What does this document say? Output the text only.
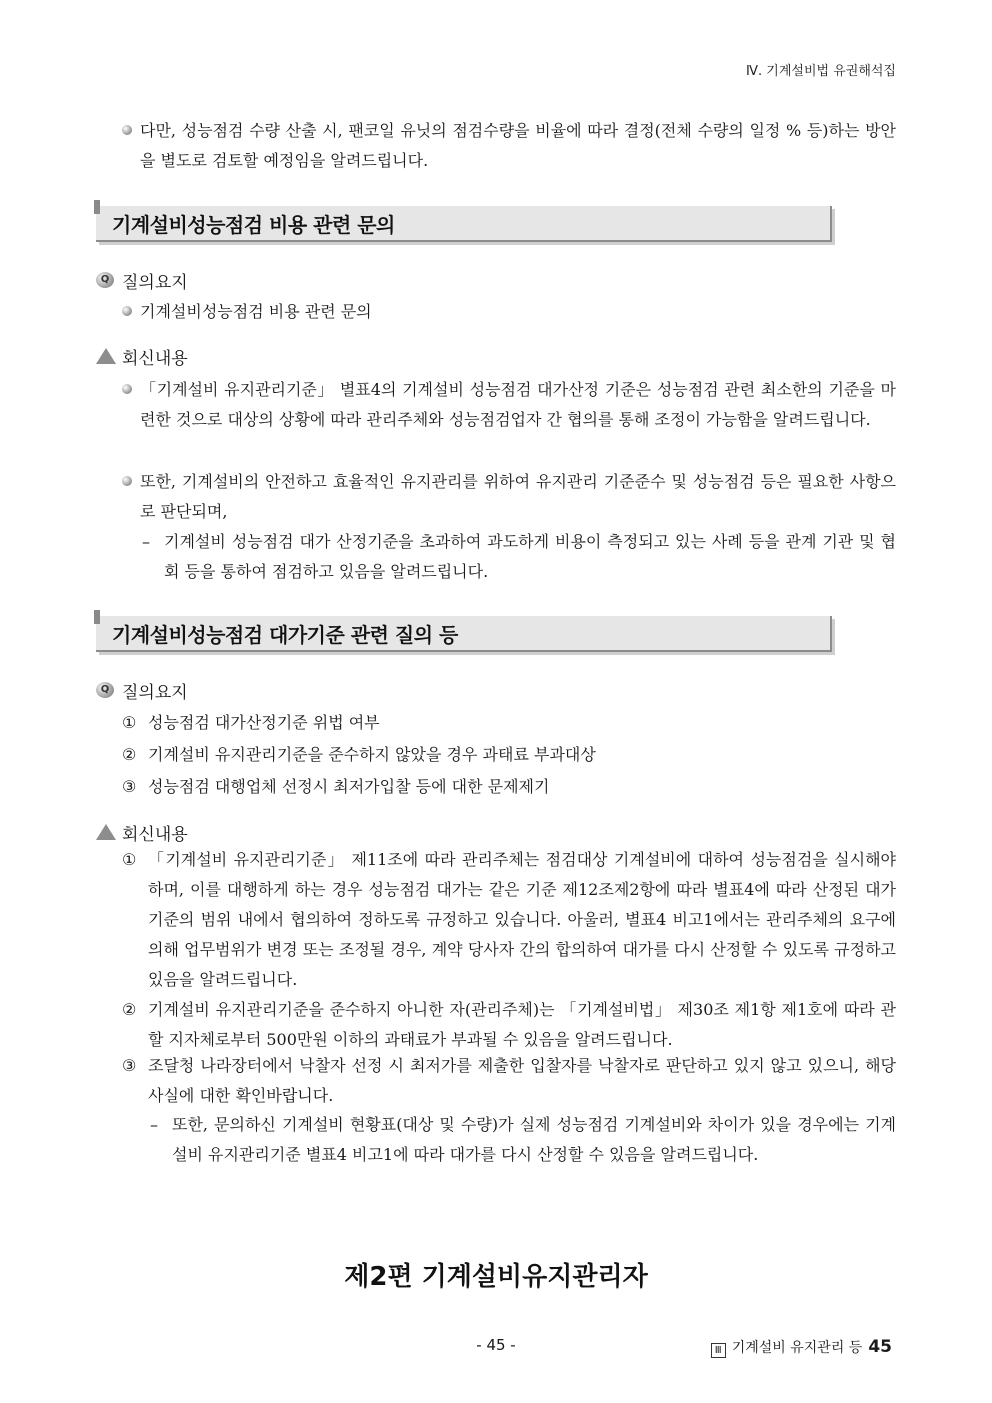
Ⅳ. 기계설비법 유권해석집
다만, 성능점검 수량 산출 시, 팬코일 유닛의 점검수량을 비율에 따라 결정(전체 수량의 일정 % 등)하는 방안을 별도로 검토할 예정임을 알려드립니다.
기계설비성능점검 비용 관련 문의
Q 질의요지
기계설비성능점검 비용 관련 문의
회신내용
「기계설비 유지관리기준」 별표4의 기계설비 성능점검 대가산정 기준은 성능점검 관련 최소한의 기준을 마련한 것으로 대상의 상황에 따라 관리주체와 성능점검업자 간 협의를 통해 조정이 가능함을 알려드립니다.
또한, 기계설비의 안전하고 효율적인 유지관리를 위하여 유지관리 기준준수 및 성능점검 등은 필요한 사항으로 판단되며,
– 기계설비 성능점검 대가 산정기준을 초과하여 과도하게 비용이 측정되고 있는 사례 등을 관계 기관 및 협회 등을 통하여 점검하고 있음을 알려드립니다.
기계설비성능점검 대가기준 관련 질의 등
Q 질의요지
① 성능점검 대가산정기준 위법 여부
② 기계설비 유지관리기준을 준수하지 않았을 경우 과태료 부과대상
③ 성능점검 대행업체 선정시 최저가입찰 등에 대한 문제제기
회신내용
① 「기계설비 유지관리기준」 제11조에 따라 관리주체는 점검대상 기계설비에 대하여 성능점검을 실시해야 하며, 이를 대행하게 하는 경우 성능점검 대가는 같은 기준 제12조제2항에 따라 별표4에 따라 산정된 대가기준의 범위 내에서 협의하여 정하도록 규정하고 있습니다. 아울러, 별표4 비고1에서는 관리주체의 요구에 의해 업무범위가 변경 또는 조정될 경우, 계약 당사자 간의 합의하여 대가를 다시 산정할 수 있도록 규정하고 있음을 알려드립니다.
② 기계설비 유지관리기준을 준수하지 아니한 자(관리주체)는 「기계설비법」 제30조 제1항 제1호에 따라 관할 지자체로부터 500만원 이하의 과태료가 부과될 수 있음을 알려드립니다.
③ 조달청 나라장터에서 낙찰자 선정 시 최저가를 제출한 입찰자를 낙찰자로 판단하고 있지 않고 있으니, 해당 사실에 대한 확인바랍니다.
– 또한, 문의하신 기계설비 현황표(대상 및 수량)가 실제 성능점검 기계설비와 차이가 있을 경우에는 기계설비 유지관리기준 별표4 비고1에 따라 대가를 다시 산정할 수 있음을 알려드립니다.
제2편 기계설비유지관리자
- 45 -	Ⅲ 기계설비 유지관리 등 45
